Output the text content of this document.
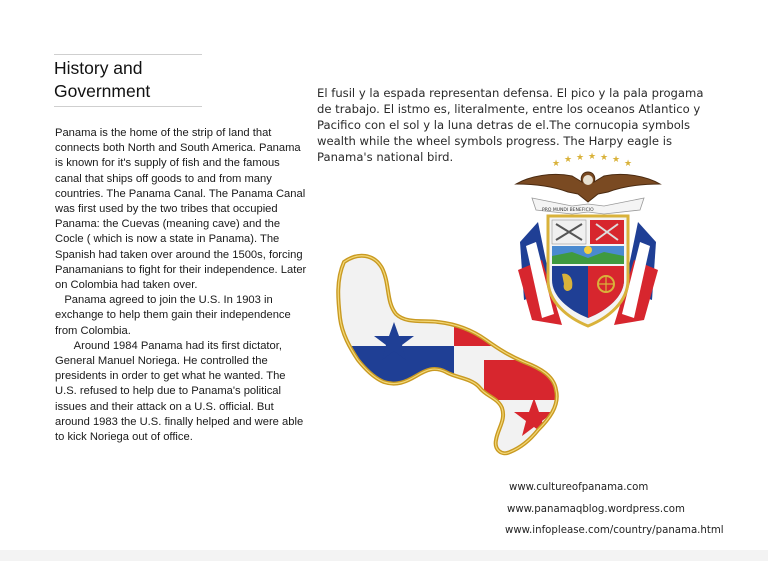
History and
Government

Panama is the home of the strip of land that connects both North and South America. Panama is known for it's supply of fish and the famous canal that ships off goods to and from many countries. The Panama Canal. The Panama Canal was first used by the two tribes that occupied Panama: the Cuevas (meaning cave) and the Cocle ( which is now a state in Panama). The Spanish had taken over around the 1500s, forcing Panamanians to fight for their independence. Later on Colombia had taken over.

Panama agreed to join the U.S. In 1903 in exchange to help them gain their independence from Colombia.

Around 1984 Panama had its first dictator, General Manuel Noriega. He controlled the presidents in order to get what he wanted. The U.S. refused to help due to Panama's political issues and their attack on a U.S. official. But around 1983 the U.S. finally helped and were able to kick Noriega out of office.

El fusil y la espada representan defensa. El pico y la pala progama de trabajo. El istmo es, literalmente, entre los oceanos Atlantico y Pacifico con el sol y la luna detras de el.The cornucopia symbols wealth while the wheel symbols progress. The Harpy eagle is Panama's national bird.	★ ★ ★ ★ ★ ★ ★
PRO MUNDI BENEFICIO
www.cultureofpanama.com
www.panamaqblog.wordpress.com
www.infoplease.com/country/panama.html
